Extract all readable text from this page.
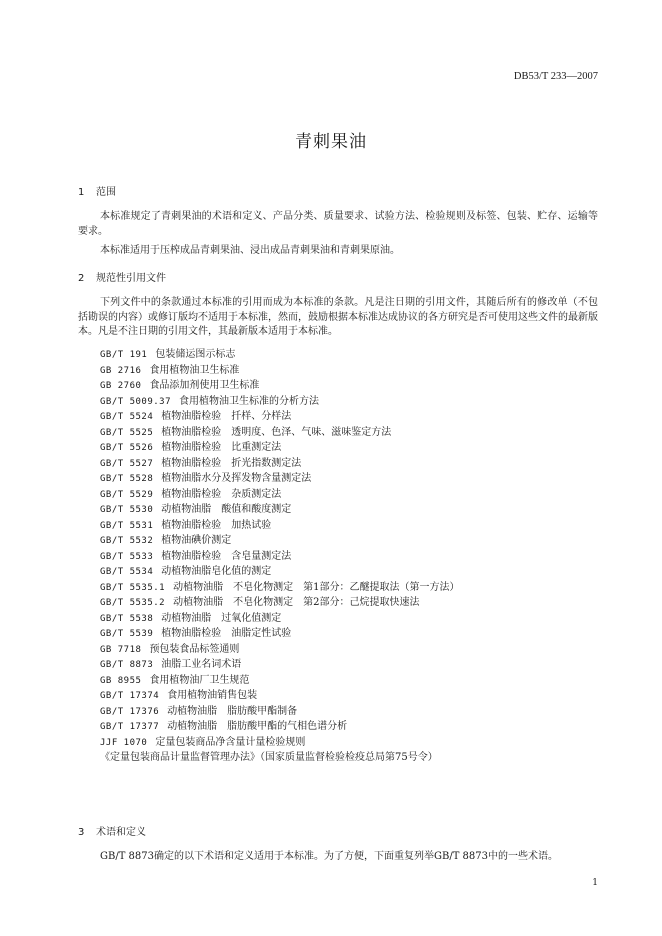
DB53/T 233—2007
青刺果油
1 范围
本标准规定了青刺果油的术语和定义、产品分类、质量要求、试验方法、检验规则及标签、包装、贮存、运输等要求。
本标准适用于压榨成品青刺果油、浸出成品青刺果油和青刺果原油。
2 规范性引用文件
下列文件中的条款通过本标准的引用而成为本标准的条款。凡是注日期的引用文件，其随后所有的修改单（不包括勘误的内容）或修订版均不适用于本标准，然而，鼓励根据本标准达成协议的各方研究是否可使用这些文件的最新版本。凡是不注日期的引用文件，其最新版本适用于本标准。
GB/T 191 包装储运图示标志
GB 2716 食用植物油卫生标准
GB 2760 食品添加剂使用卫生标准
GB/T 5009.37 食用植物油卫生标准的分析方法
GB/T 5524 植物油脂检验　扦样、分样法
GB/T 5525 植物油脂检验　透明度、色泽、气味、滋味鉴定方法
GB/T 5526 植物油脂检验　比重测定法
GB/T 5527 植物油脂检验　折光指数测定法
GB/T 5528 植物油脂水分及挥发物含量测定法
GB/T 5529 植物油脂检验　杂质测定法
GB/T 5530 动植物油脂　酸值和酸度测定
GB/T 5531 植物油脂检验　加热试验
GB/T 5532 植物油碘价测定
GB/T 5533 植物油脂检验　含皂量测定法
GB/T 5534 动植物油脂皂化值的测定
GB/T 5535.1 动植物油脂　不皂化物测定　第1部分：乙醚提取法（第一方法）
GB/T 5535.2 动植物油脂　不皂化物测定　第2部分：己烷提取快速法
GB/T 5538 动植物油脂　过氧化值测定
GB/T 5539 植物油脂检验　油脂定性试验
GB 7718 预包装食品标签通则
GB/T 8873 油脂工业名词术语
GB 8955 食用植物油厂卫生规范
GB/T 17374 食用植物油销售包装
GB/T 17376 动植物油脂　脂肪酸甲酯制备
GB/T 17377 动植物油脂　脂肪酸甲酯的气相色谱分析
JJF 1070 定量包装商品净含量计量检验规则
《定量包装商品计量监督管理办法》（国家质量监督检验检疫总局第75号令）
3 术语和定义
GB/T 8873确定的以下术语和定义适用于本标准。为了方便，下面重复列举GB/T 8873中的一些术语。
1
